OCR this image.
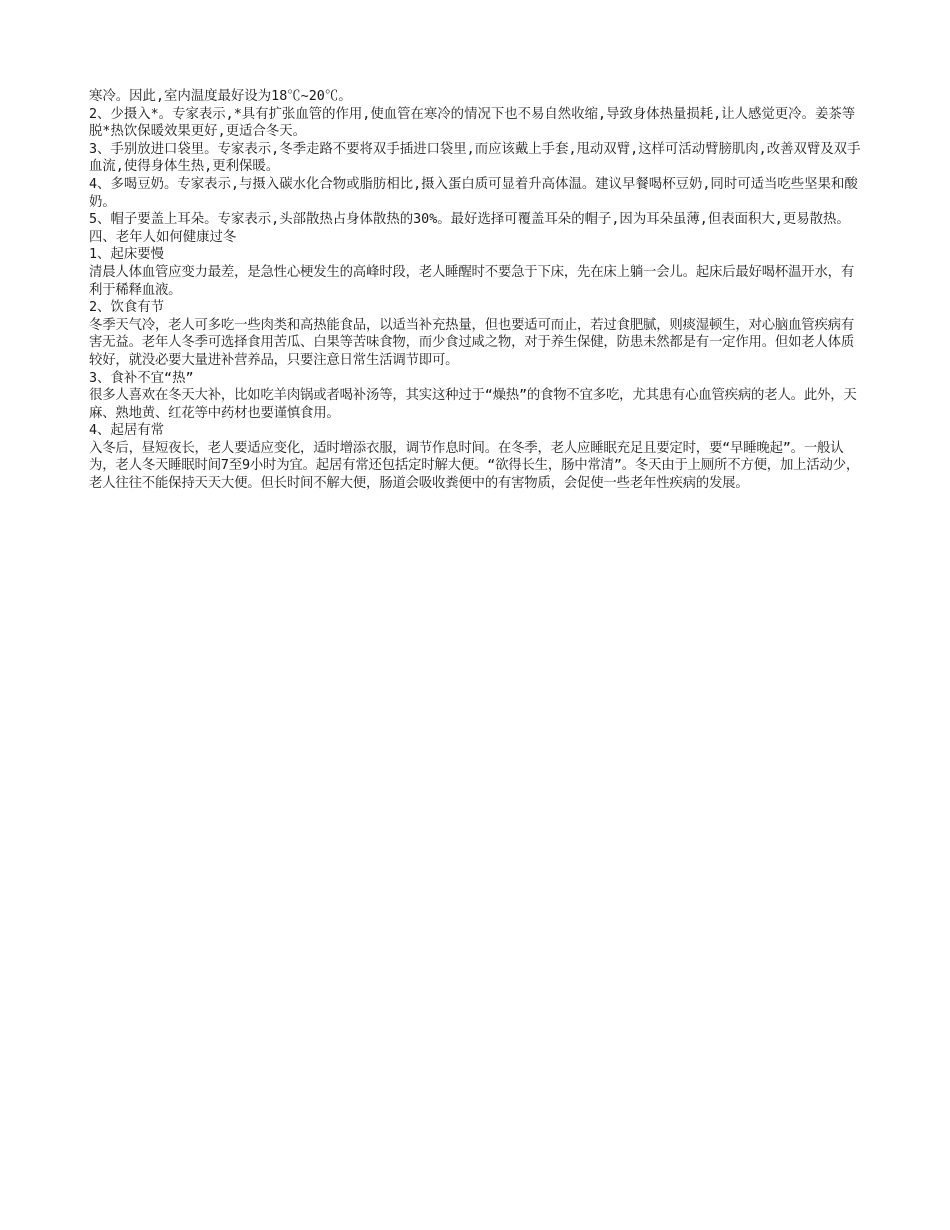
寒冷。因此,室内温度最好设为18℃~20℃。
2、少摄入*。专家表示,*具有扩张血管的作用,使血管在寒冷的情况下也不易自然收缩,导致身体热量损耗,让人感觉更冷。姜茶等脱*热饮保暖效果更好,更适合冬天。
3、手别放进口袋里。专家表示,冬季走路不要将双手插进口袋里,而应该戴上手套,甩动双臂,这样可活动臂膀肌肉,改善双臂及双手血流,使得身体生热,更利保暖。
4、多喝豆奶。专家表示,与摄入碳水化合物或脂肪相比,摄入蛋白质可显着升高体温。建议早餐喝杯豆奶,同时可适当吃些坚果和酸奶。
5、帽子要盖上耳朵。专家表示,头部散热占身体散热的30%。最好选择可覆盖耳朵的帽子,因为耳朵虽薄,但表面积大,更易散热。
四、老年人如何健康过冬
1、起床要慢
清晨人体血管应变力最差，是急性心梗发生的高峰时段，老人睡醒时不要急于下床，先在床上躺一会儿。起床后最好喝杯温开水，有利于稀释血液。
2、饮食有节
冬季天气冷，老人可多吃一些肉类和高热能食品，以适当补充热量，但也要适可而止，若过食肥腻，则痰湿顿生，对心脑血管疾病有害无益。老年人冬季可选择食用苦瓜、白果等苦味食物，而少食过咸之物，对于养生保健，防患未然都是有一定作用。但如老人体质较好，就没必要大量进补营养品，只要注意日常生活调节即可。
3、食补不宜“热”
很多人喜欢在冬天大补，比如吃羊肉锅或者喝补汤等，其实这种过于“燥热”的食物不宜多吃，尤其患有心血管疾病的老人。此外，天麻、熟地黄、红花等中药材也要谨慎食用。
4、起居有常
入冬后，昼短夜长，老人要适应变化，适时增添衣服，调节作息时间。在冬季，老人应睡眠充足且要定时，要“早睡晚起”。一般认为，老人冬天睡眠时间7至9小时为宜。起居有常还包括定时解大便。“欲得长生，肠中常清”。冬天由于上厕所不方便，加上活动少，老人往往不能保持天天大便。但长时间不解大便，肠道会吸收粪便中的有害物质，会促使一些老年性疾病的发展。
